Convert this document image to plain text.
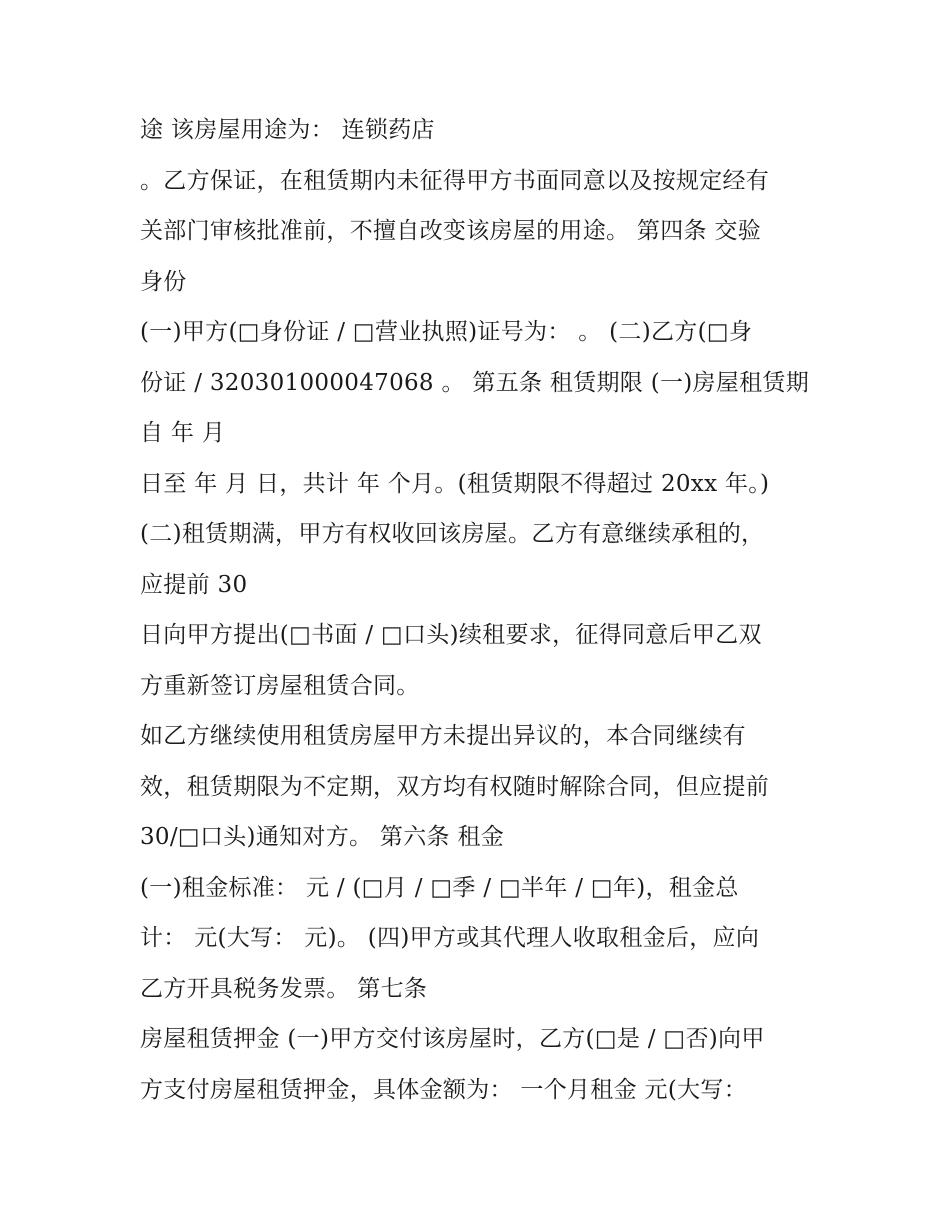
途 该房屋用途为： 连锁药店
。乙方保证，在租赁期内未征得甲方书面同意以及按规定经有
关部门审核批准前，不擅自改变该房屋的用途。 第四条 交验
身份
(一)甲方(□身份证 / □营业执照)证号为： 。 (二)乙方(□身
份证 / 320301000047068 。 第五条 租赁期限 (一)房屋租赁期
自 年 月
日至 年 月 日，共计 年 个月。(租赁期限不得超过 20xx 年。)
(二)租赁期满，甲方有权收回该房屋。乙方有意继续承租的，
应提前 30
日向甲方提出(□书面 / □口头)续租要求，征得同意后甲乙双
方重新签订房屋租赁合同。
如乙方继续使用租赁房屋甲方未提出异议的，本合同继续有
效，租赁期限为不定期，双方均有权随时解除合同，但应提前
30/□口头)通知对方。 第六条 租金
(一)租金标准： 元 / (□月 / □季 / □半年 / □年)，租金总
计： 元(大写： 元)。 (四)甲方或其代理人收取租金后，应向
乙方开具税务发票。 第七条
房屋租赁押金 (一)甲方交付该房屋时，乙方(□是 / □否)向甲
方支付房屋租赁押金，具体金额为： 一个月租金 元(大写：
